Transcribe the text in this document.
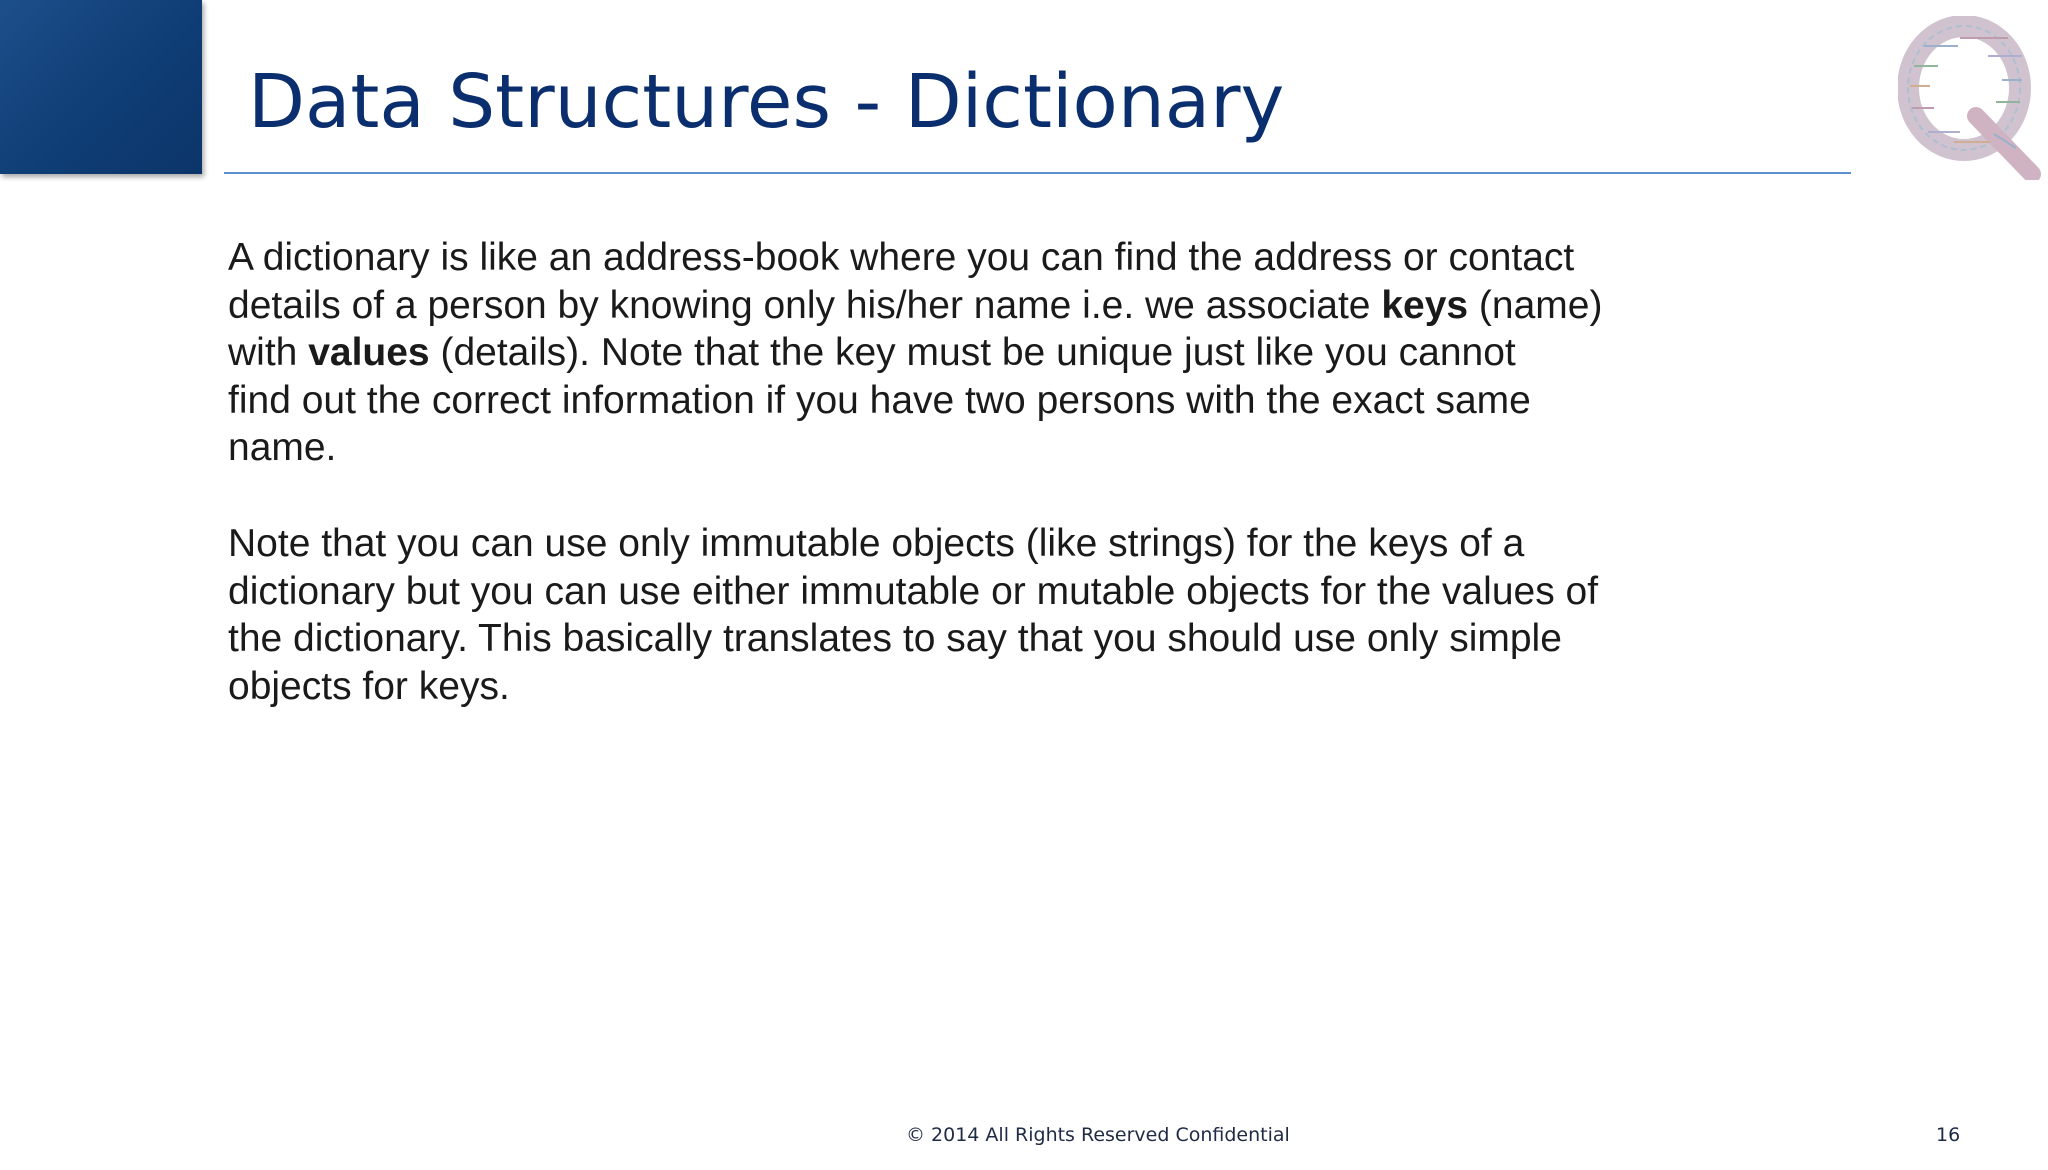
Data Structures - Dictionary

A dictionary is like an address-book where you can find the address or contact
details of a person by knowing only his/her name i.e. we associate keys (name)
with values (details). Note that the key must be unique just like you cannot
find out the correct information if you have two persons with the exact same
name.

Note that you can use only immutable objects (like strings) for the keys of a
dictionary but you can use either immutable or mutable objects for the values of
the dictionary. This basically translates to say that you should use only simple
objects for keys.

© 2014 All Rights Reserved Confidential	16
